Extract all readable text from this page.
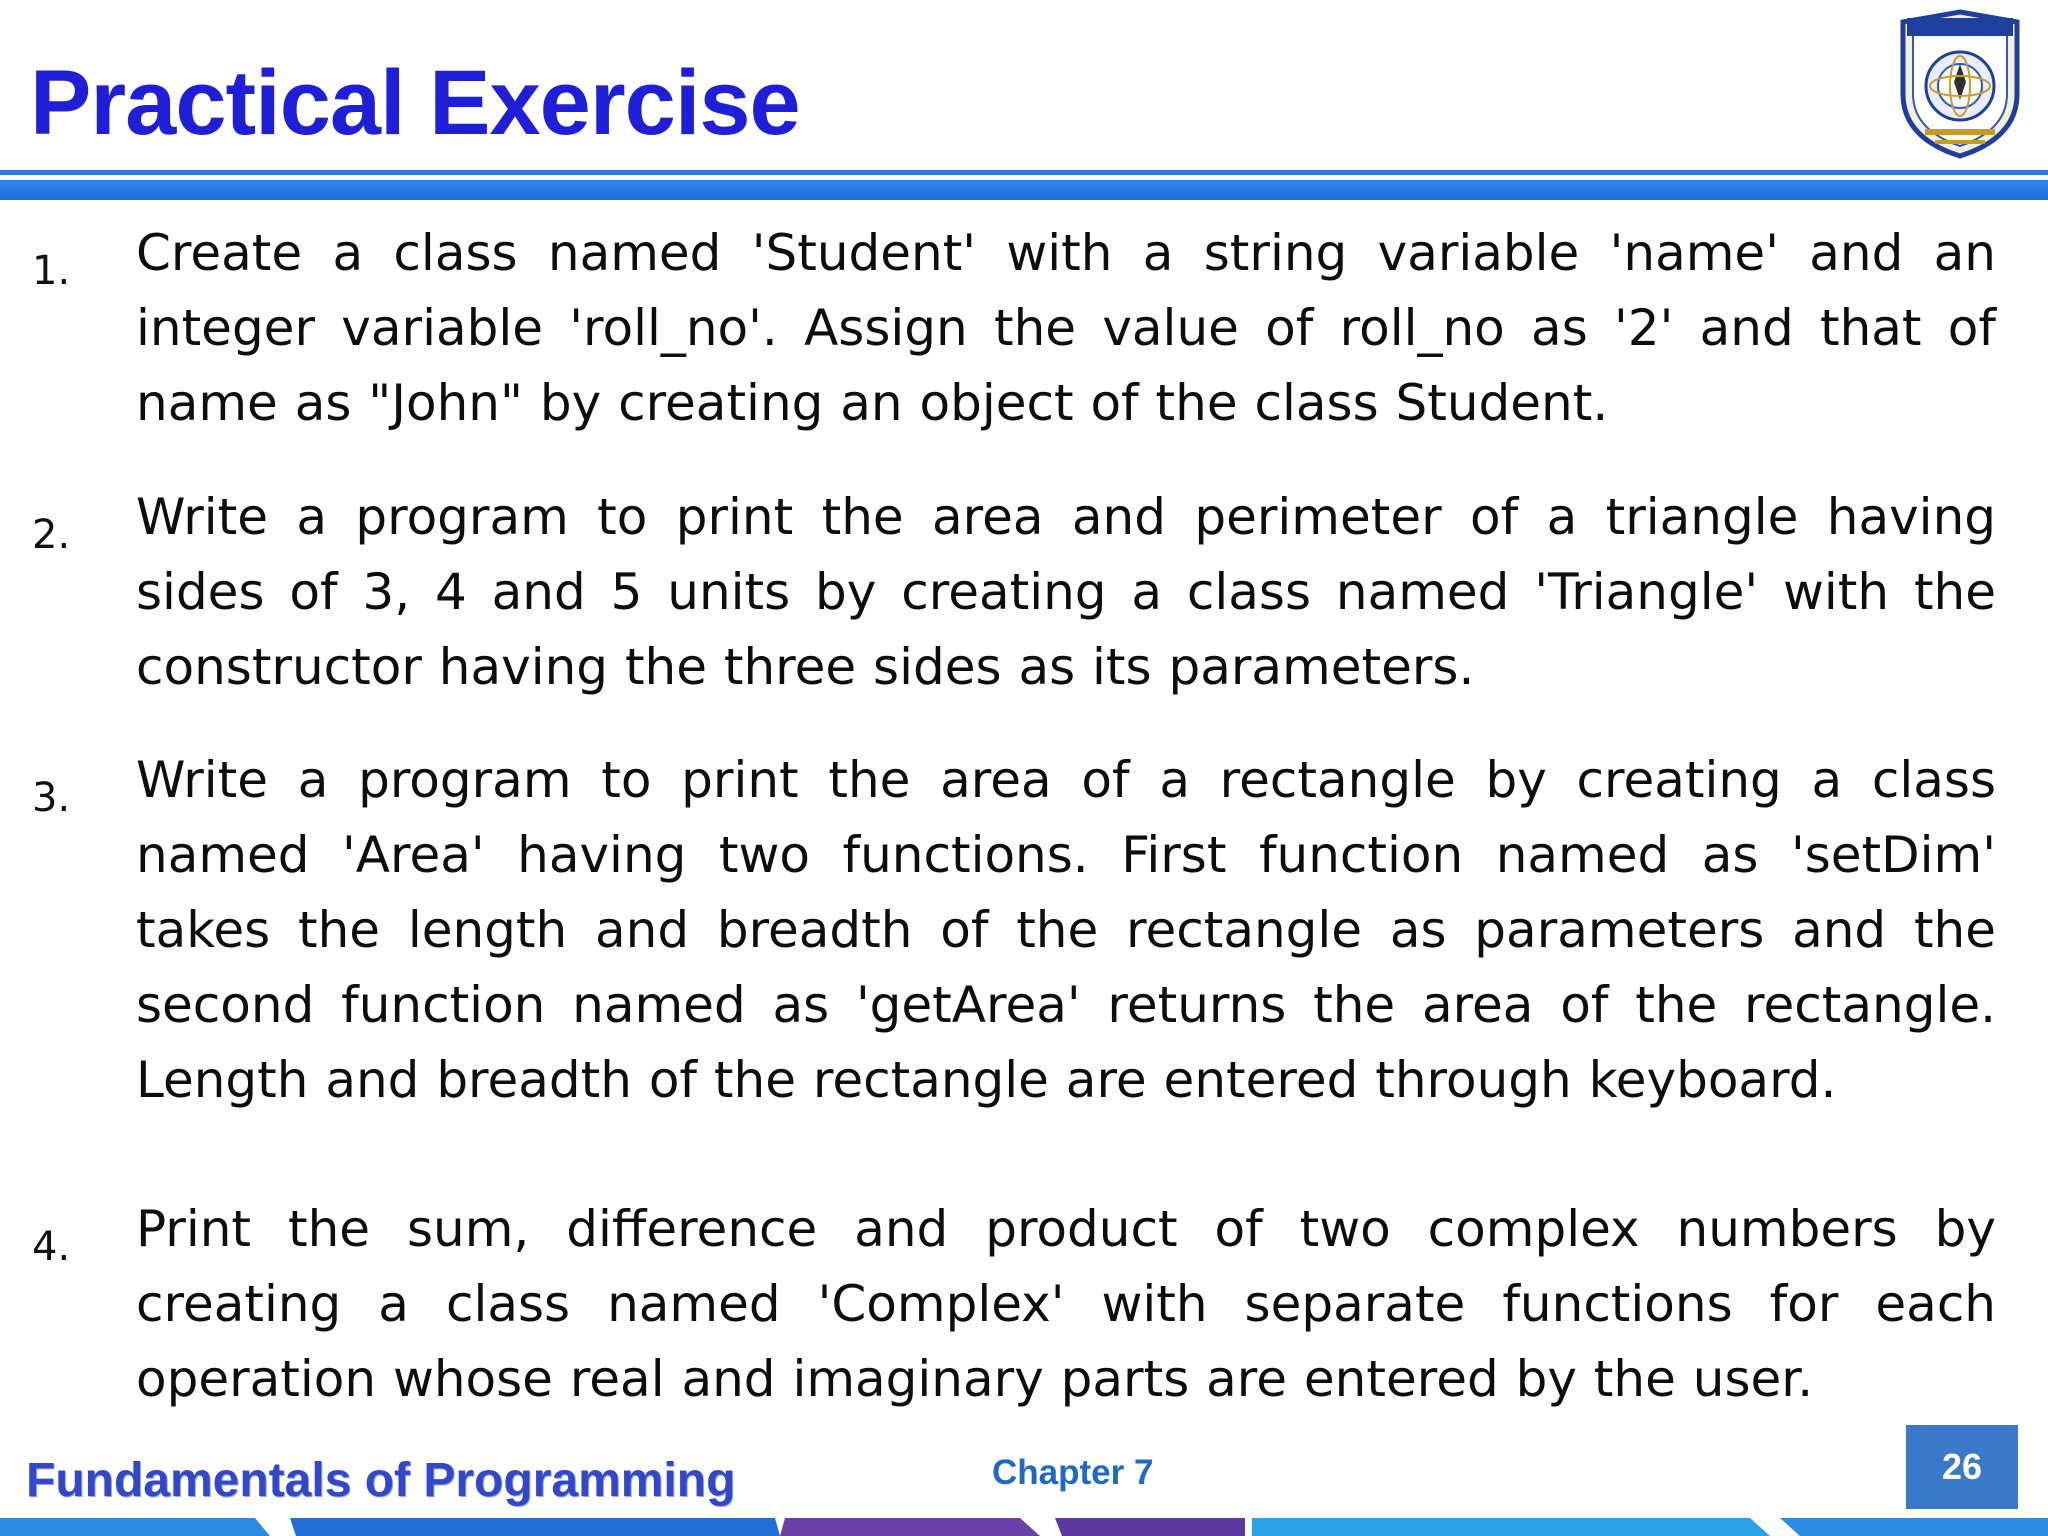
Practical Exercise
1. Create a class named 'Student' with a string variable 'name' and an integer variable 'roll_no'. Assign the value of roll_no as '2' and that of name as "John" by creating an object of the class Student.
2. Write a program to print the area and perimeter of a triangle having sides of 3, 4 and 5 units by creating a class named 'Triangle' with the constructor having the three sides as its parameters.
3. Write a program to print the area of a rectangle by creating a class named 'Area' having two functions. First function named as 'setDim' takes the length and breadth of the rectangle as parameters and the second function named as 'getArea' returns the area of the rectangle. Length and breadth of the rectangle are entered through keyboard.
4. Print the sum, difference and product of two complex numbers by creating a class named 'Complex' with separate functions for each operation whose real and imaginary parts are entered by the user.
Fundamentals of Programming	Chapter 7	26
